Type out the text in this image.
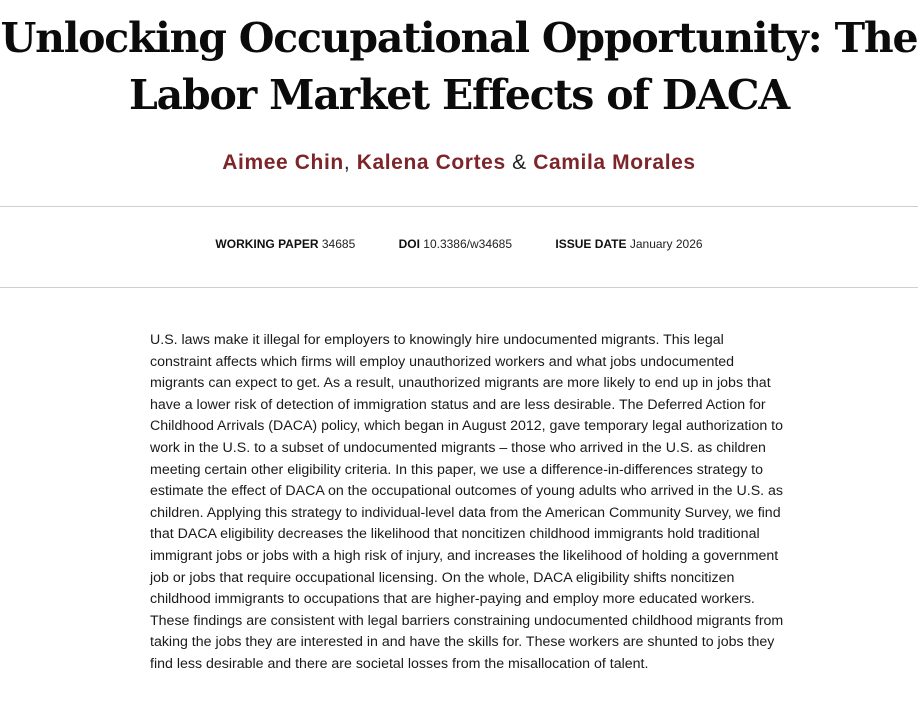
Unlocking Occupational Opportunity: The Labor Market Effects of DACA
Aimee Chin, Kalena Cortes & Camila Morales
WORKING PAPER 34685	DOI 10.3386/w34685	ISSUE DATE January 2026

U.S. laws make it illegal for employers to knowingly hire undocumented migrants. This legal constraint affects which firms will employ unauthorized workers and what jobs undocumented migrants can expect to get. As a result, unauthorized migrants are more likely to end up in jobs that have a lower risk of detection of immigration status and are less desirable. The Deferred Action for Childhood Arrivals (DACA) policy, which began in August 2012, gave temporary legal authorization to work in the U.S. to a subset of undocumented migrants – those who arrived in the U.S. as children meeting certain other eligibility criteria. In this paper, we use a difference-in-differences strategy to estimate the effect of DACA on the occupational outcomes of young adults who arrived in the U.S. as children. Applying this strategy to individual-level data from the American Community Survey, we find that DACA eligibility decreases the likelihood that noncitizen childhood immigrants hold traditional immigrant jobs or jobs with a high risk of injury, and increases the likelihood of holding a government job or jobs that require occupational licensing. On the whole, DACA eligibility shifts noncitizen childhood immigrants to occupations that are higher-paying and employ more educated workers. These findings are consistent with legal barriers constraining undocumented childhood migrants from taking the jobs they are interested in and have the skills for. These workers are shunted to jobs they find less desirable and there are societal losses from the misallocation of talent.
